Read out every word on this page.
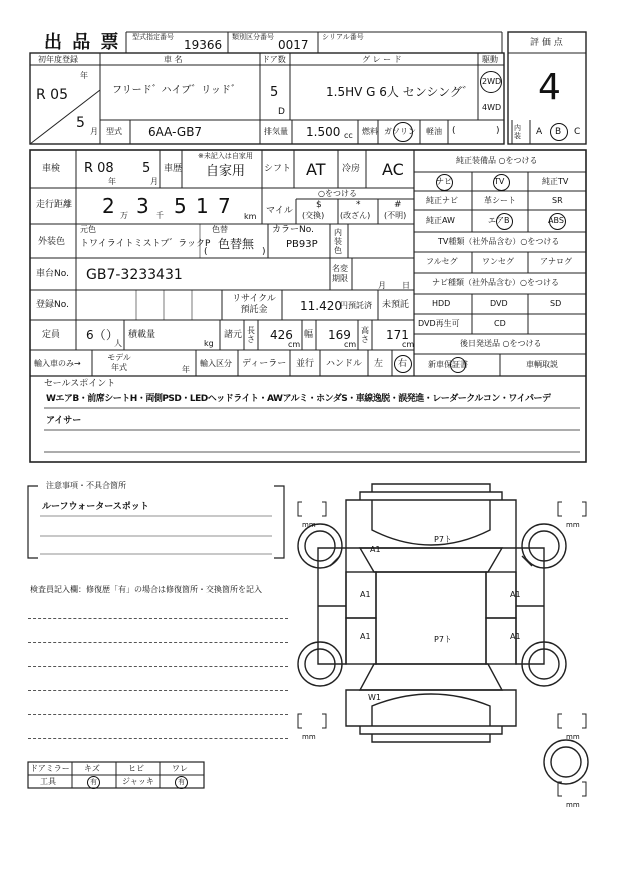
出 品 票 型式指定番号
19366
類別区分番号
0017
シリアル番号
評 価 点
4
初年度登録
年
R 05
5
月
車 名
フリード゛ハイブ゛リッド゛
ドア数
5
D
グ レ ー ド
1.5HV G 6人 センシング゛
駆動
2WD
4WD
型式 6AA-GB7	排気量 1.500 cc 燃料 ガソリン 軽油 (	) 内装	A B C
車検 R 08
年
5
月
車歴
※未記入は自家用
自家用 シフト AT 冷房 AC
走行距離 2 万 3 千 5 1 7 km
マイル
○をつける
$
(交換)
*
(改ざん)
#
(不明)
外装色
元色
トワイライトミストブ゛ラックP
色替
色替無
(	)
カラーNo.
PB93P
内装色
車台No. GB7-3233431	名変期限
月 日
登録No.
リサイクル預託金	11.420
円預託済 未預託
定員 6（ ）
人
積載量
kg
諸元 長さ 426
cm
幅 169
cm
高さ 171
cm
輸入車のみ→
モデル年式	年
輸入区分 ディーラー 並行 ハンドル 左 右
純正装備品 ○をつける
ナビ	TV	純正TV
純正ナビ	革シート	SR
純正AW	エアB	ABS
TV種類（社外品含む）○をつける
フルセグ	ワンセグ	アナログ
ナビ種類（社外品含む）○をつける
HDD	DVD	SD
DVD再生可	CD
後日発送品 ○をつける
新車保証書	車輌取説
セールスポイント
WエアB・前席シートH・両側PSD・LEDヘッドライト・AWアルミ・ホンダS・車線逸脱・誤発進・レーダークルコン・ワイパーデ
アイサー
注意事項・不具合箇所
ルーフウォータースポット
検査員記入欄：修復歴「有」の場合は修復箇所・交換箇所を記入
A1
P7ト
A1	A1
A1	A1
P7ト
W1
mm	mm
mm	mm
mm
ドアミラー キズ	ヒビ	ワレ
工具	有	ジャッキ	有
